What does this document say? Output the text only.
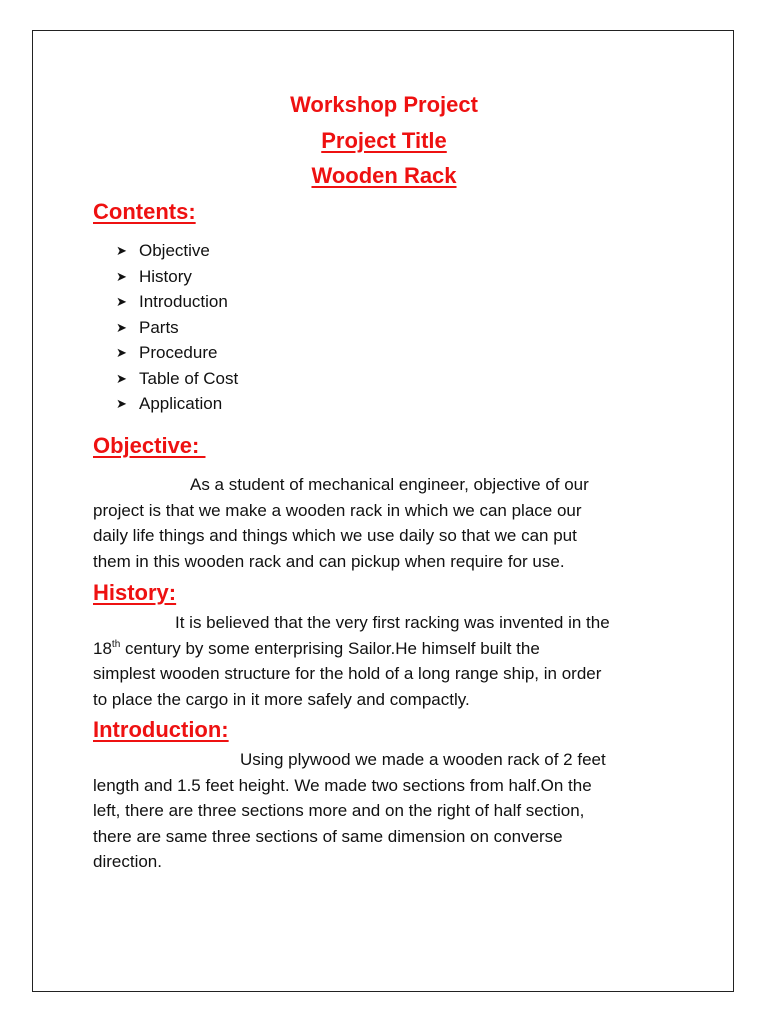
Workshop Project
Project Title
Wooden Rack
Contents:
➤ Objective
➤ History
➤ Introduction
➤ Parts
➤ Procedure
➤ Table of Cost
➤ Application
Objective:

As a student of mechanical engineer, objective of our
project is that we make a wooden rack in which we can place our
daily life things and things which we use daily so that we can put
them in this wooden rack and can pickup when require for use.

History:

It is believed that the very first racking was invented in the
18th century by some enterprising Sailor.He himself built the
simplest wooden structure for the hold of a long range ship, in order
to place the cargo in it more safely and compactly.

Introduction:

Using plywood we made a wooden rack of 2 feet
length and 1.5 feet height. We made two sections from half.On the
left, there are three sections more and on the right of half section,
there are same three sections of same dimension on converse
direction.
